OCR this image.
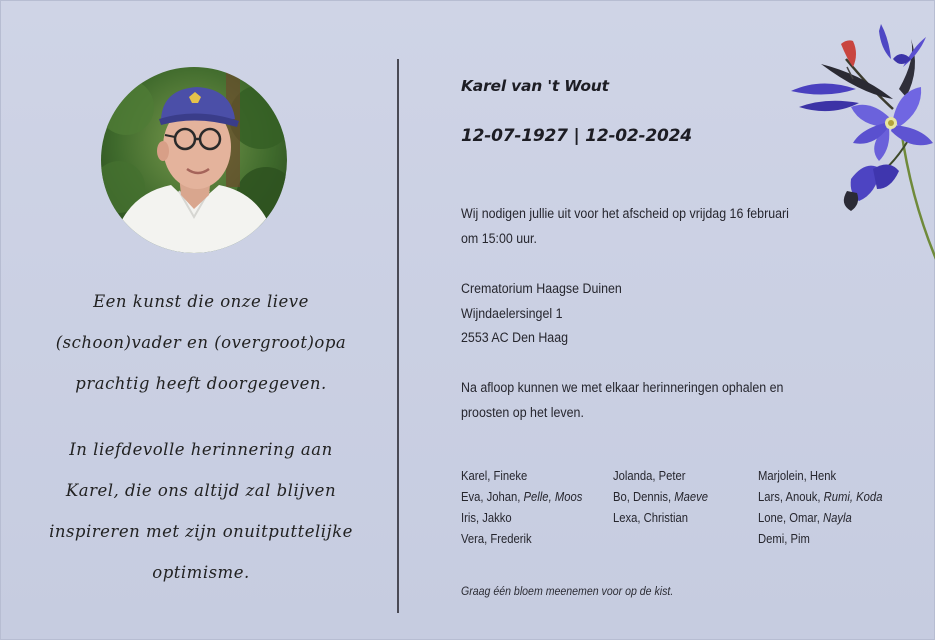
Een kunst die onze lieve
(schoon)vader en (overgroot)opa
prachtig heeft doorgegeven.
In liefdevolle herinnering aan
Karel, die ons altijd zal blijven
inspireren met zijn onuitputtelijke
optimisme.
Karel van 't Wout
12-07-1927 | 12-02-2024
Wij nodigen jullie uit voor het afscheid op vrijdag 16 februari
om 15:00 uur.
Crematorium Haagse Duinen
Wijndaelersingel 1
2553 AC Den Haag
Na afloop kunnen we met elkaar herinneringen ophalen en
proosten op het leven.
Karel, Fineke
Eva, Johan, Pelle, Moos
Iris, Jakko
Vera, Frederik
Jolanda, Peter
Bo, Dennis, Maeve
Lexa, Christian
Marjolein, Henk
Lars, Anouk, Rumi, Koda
Lone, Omar, Nayla
Demi, Pim
Graag één bloem meenemen voor op de kist.
